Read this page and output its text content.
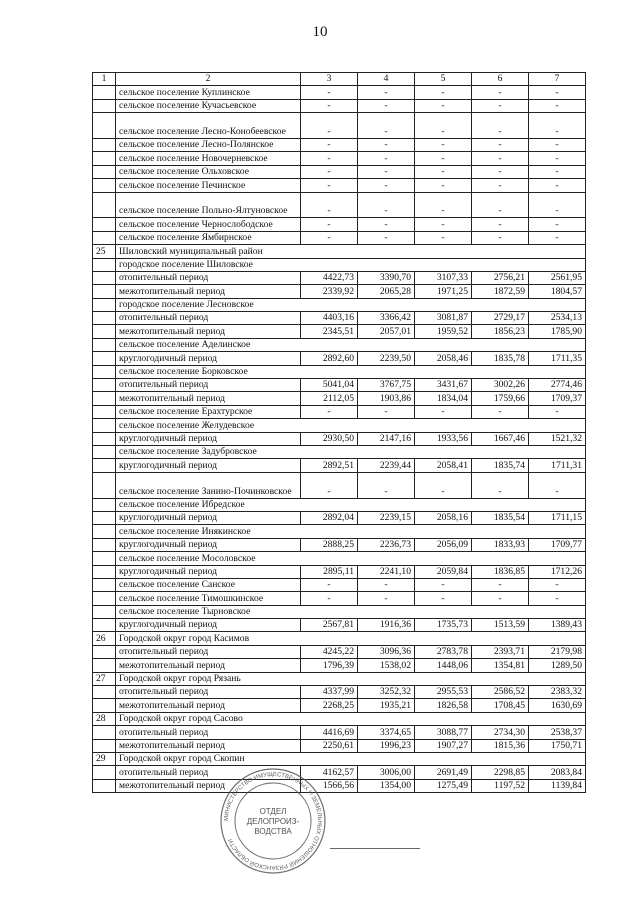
10
1	2	3	4	5	6	7
	сельское поселение Куплинское	-	-	-	-	-
	сельское поселение Кучасьевское	-	-	-	-	-
	сельское поселение Лесно-Конобеевское	-	-	-	-	-
	сельское поселение Лесно-Полянское	-	-	-	-	-
	сельское поселение Новочерневское	-	-	-	-	-
	сельское поселение Ольховское	-	-	-	-	-
	сельское поселение Печинское	-	-	-	-	-
	сельское поселение Польно-Ялтуновское	-	-	-	-	-
	сельское поселение Чернослободское	-	-	-	-	-
	сельское поселение Ямбирнское	-	-	-	-	-
25	Шиловский муниципальный район					
	городское поселение Шиловское					
	отопительный период	4422,73	3390,70	3107,33	2756,21	2561,95
	межотопительный период	2339,92	2065,28	1971,25	1872,59	1804,57
	городское поселение Лесновское					
	отопительный период	4403,16	3366,42	3081,87	2729,17	2534,13
	межотопительный период	2345,51	2057,01	1959,52	1856,23	1785,90
	сельское поселение Аделинское					
	круглогодичный период	2892,60	2239,50	2058,46	1835,78	1711,35
	сельское поселение Борковское					
	отопительный период	5041,04	3767,75	3431,67	3002,26	2774,46
	межотопительный период	2112,05	1903,86	1834,04	1759,66	1709,37
	сельское поселение Ерахтурское	-	-	-	-	-
	сельское поселение Желудевское					
	круглогодичный период	2930,50	2147,16	1933,56	1667,46	1521,32
	сельское поселение Задубровское					
	круглогодичный период	2892,51	2239,44	2058,41	1835,74	1711,31
	сельское поселение Занино-Починковское	-	-	-	-	-
	сельское поселение Ибредское					
	круглогодичный период	2892,04	2239,15	2058,16	1835,54	1711,15
	сельское поселение Инякинское					
	круглогодичный период	2888,25	2236,73	2056,09	1833,93	1709,77
	сельское поселение Мосоловское					
	круглогодичный период	2895,11	2241,10	2059,84	1836,85	1712,26
	сельское поселение Санское	-	-	-	-	-
	сельское поселение Тимошкинское	-	-	-	-	-
	сельское поселение Тырновское					
	круглогодичный период	2567,81	1916,36	1735,73	1513,59	1389,43
26	Городской округ город Касимов					
	отопительный период	4245,22	3096,36	2783,78	2393,71	2179,98
	межотопительный период	1796,39	1538,02	1448,06	1354,81	1289,50
27	Городской округ город Рязань					
	отопительный период	4337,99	3252,32	2955,53	2586,52	2383,32
	межотопительный период	2268,25	1935,21	1826,58	1708,45	1630,69
28	Городской округ город Сасово					
	отопительный период	4416,69	3374,65	3088,77	2734,30	2538,37
	межотопительный период	2250,61	1996,23	1907,27	1815,36	1750,71
29	Городской округ город Скопин					
	отопительный период	4162,57	3006,00	2691,49	2298,85	2083,84
	межотопительный период	1566,56	1354,00	1275,49	1197,52	1139,84
МИНИСТЕРСТВО ИМУЩЕСТВЕННЫХ И ЗЕМЕЛЬНЫХ ОТНОШЕНИЙ РЯЗАНСКОЙ ОБЛАСТИ
ОТДЕЛ
ДЕЛОПРОИЗ-
ВОДСТВА
